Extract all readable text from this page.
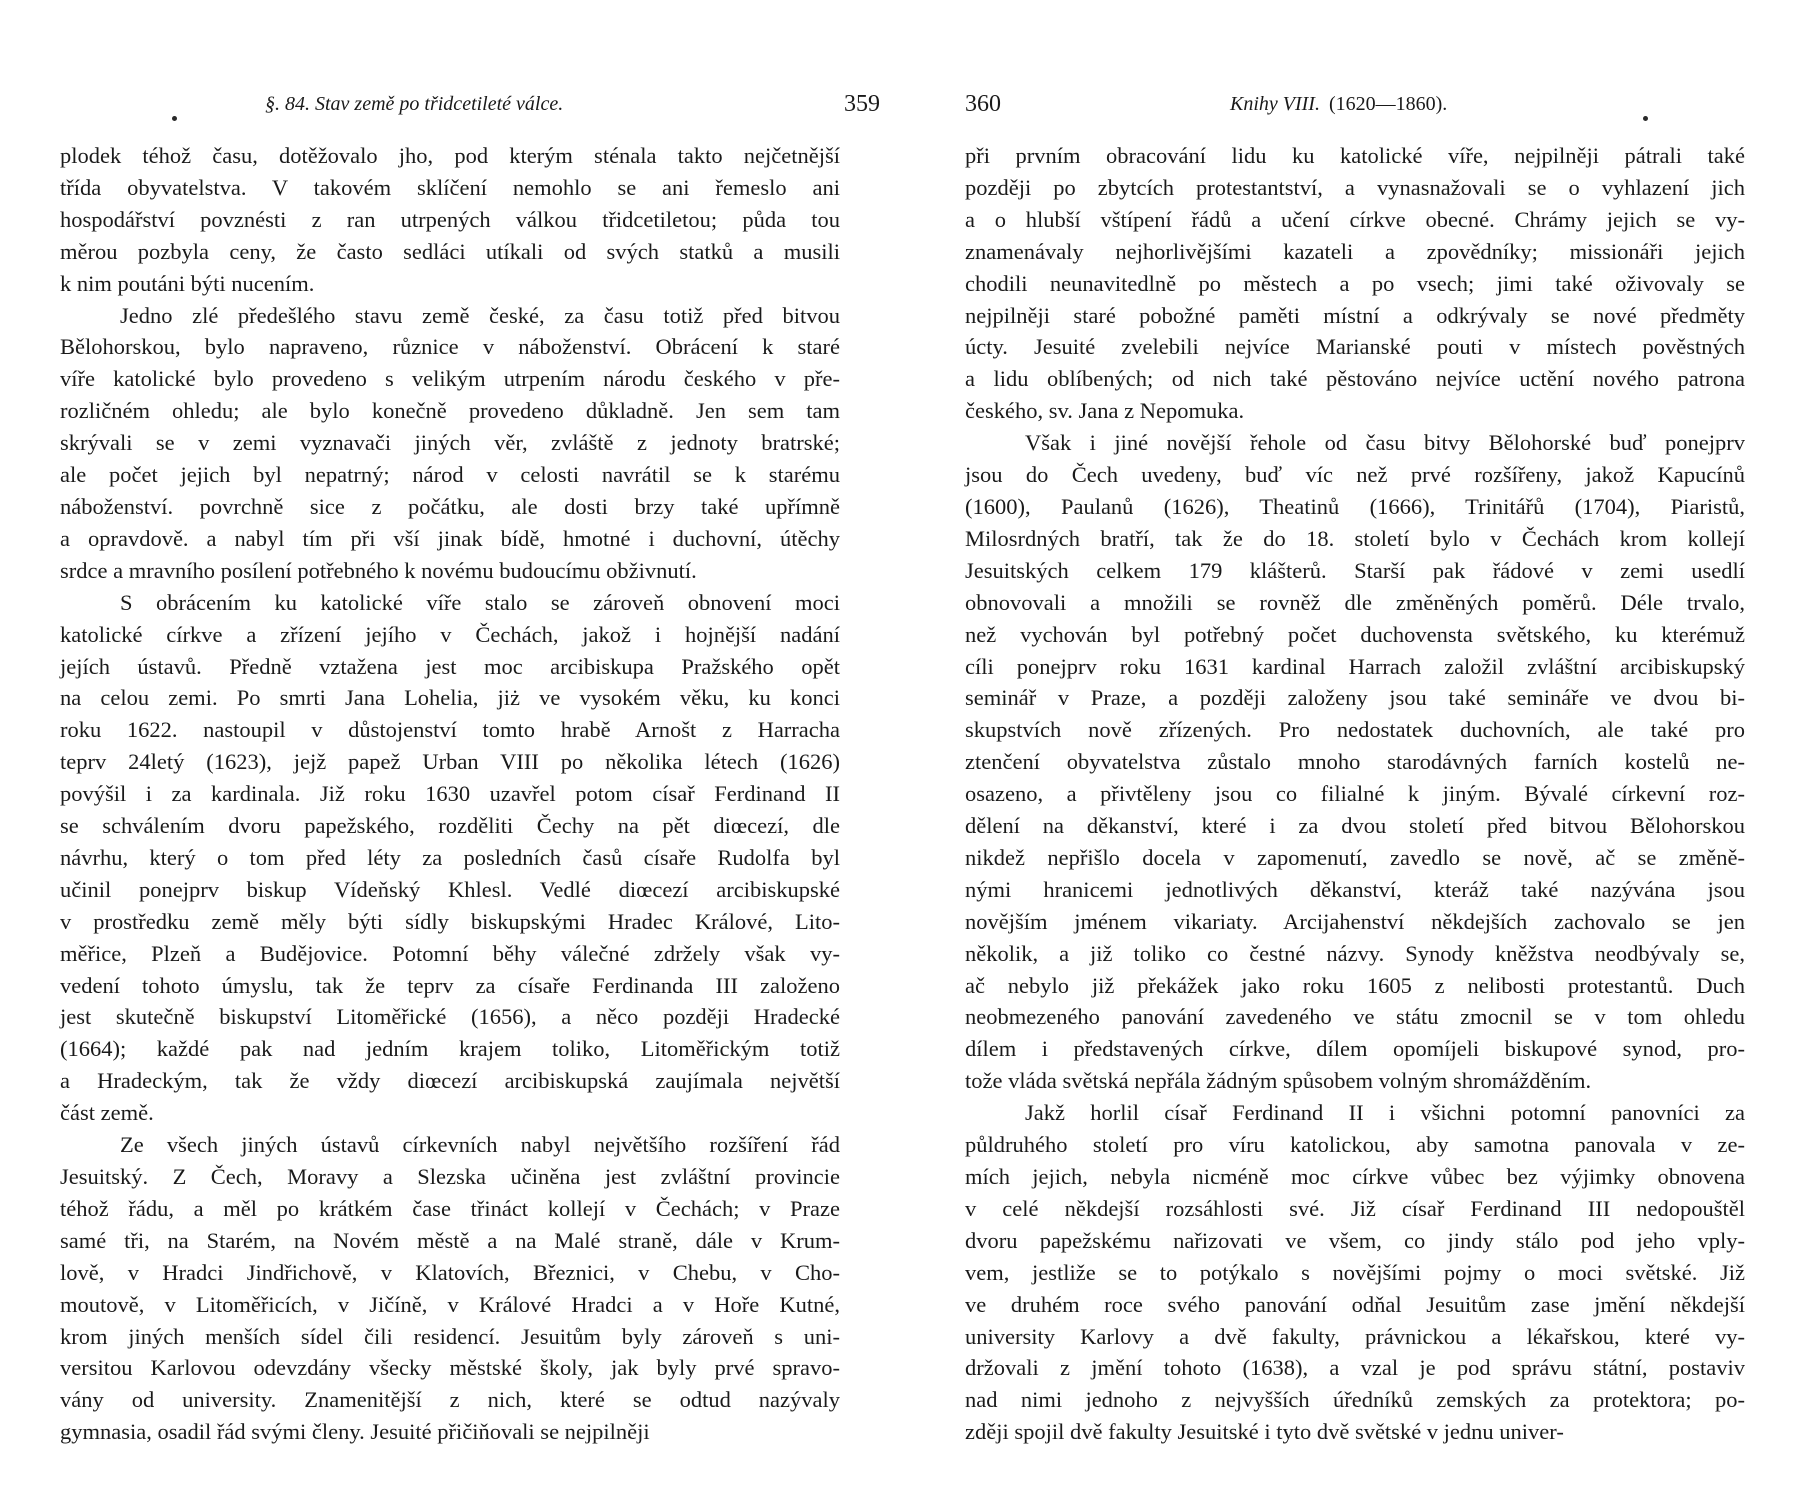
§. 84. Stav země po třidcetileté válce.	359
plodek téhož času, dotěžovalo jho, pod kterým sténala takto nejčetnější
třída obyvatelstva. V takovém sklíčení nemohlo se ani řemeslo ani
hospodářství povznésti z ran utrpených válkou třidcetiletou; půda tou
měrou pozbyla ceny, že často sedláci utíkali od svých statků a musili
k nim poutáni býti nucením.
Jedno zlé předešlého stavu země české, za času totiž před bitvou
Bělohorskou, bylo napraveno, různice v náboženství. Obrácení k staré
víře katolické bylo provedeno s velikým utrpením národu českého v pře-
rozličném ohledu; ale bylo konečně provedeno důkladně. Jen sem tam
skrývali se v zemi vyznavači jiných věr, zvláště z jednoty bratrské;
ale počet jejich byl nepatrný; národ v celosti navrátil se k starému
náboženství. povrchně sice z počátku, ale dosti brzy také upřímně
a opravdově. a nabyl tím při vší jinak bídě, hmotné i duchovní, útěchy
srdce a mravního posílení potřebného k novému budoucímu obživnutí.
S obrácením ku katolické víře stalo se zároveň obnovení moci
katolické církve a zřízení jejího v Čechách, jakož i hojnější nadání
jejích ústavů. Předně vztažena jest moc arcibiskupa Pražského opět
na celou zemi. Po smrti Jana Lohelia, jiż ve vysokém věku, ku konci
roku 1622. nastoupil v důstojenství tomto hrabě Arnošt z Harracha
teprv 24letý (1623), jejž papež Urban VIII po několika létech (1626)
povýšil i za kardinala. Již roku 1630 uzavřel potom císař Ferdinand II
se schválením dvoru papežského, rozděliti Čechy na pět diœcezí, dle
návrhu, který o tom před léty za posledních časů císaře Rudolfa byl
učinil ponejprv biskup Vídeňský Khlesl. Vedlé diœcezí arcibiskupské
v prostředku země měly býti sídly biskupskými Hradec Králové, Lito-
měřice, Plzeň a Budějovice. Potomní běhy válečné zdržely však vy-
vedení tohoto úmyslu, tak že teprv za císaře Ferdinanda III založeno
jest skutečně biskupství Litoměřické (1656), a něco později Hradecké
(1664); každé pak nad jedním krajem toliko, Litoměřickým totiž
a Hradeckým, tak že vždy diœcezí arcibiskupská zaujímala největší
část země.
Ze všech jiných ústavů církevních nabyl největšího rozšíření řád
Jesuitský. Z Čech, Moravy a Slezska učiněna jest zvláštní provincie
téhož řádu, a měl po krátkém čase třináct kollejí v Čechách; v Praze
samé tři, na Starém, na Novém městě a na Malé straně, dále v Krum-
lově, v Hradci Jindřichově, v Klatovích, Březnici, v Chebu, v Cho-
moutově, v Litoměřicích, v Jičíně, v Králové Hradci a v Hoře Kutné,
krom jiných menších sídel čili residencí. Jesuitům byly zároveň s uni-
versitou Karlovou odevzdány všecky městské školy, jak byly prvé spravo-
vány od university. Znamenitější z nich, které se odtud nazývaly
gymnasia, osadil řád svými členy. Jesuité přičiňovali se nejpilněji
360	Knihy VIII. (1620—1860).
při prvním obracování lidu ku katolické víře, nejpilněji pátrali také
později po zbytcích protestantství, a vynasnažovali se o vyhlazení jich
a o hlubší vštípení řádů a učení církve obecné. Chrámy jejich se vy-
znamenávaly nejhorlivějšími kazateli a zpovědníky; missionáři jejich
chodili neunavitedlně po městech a po vsech; jimi také oživovaly se
nejpilněji staré pobožné paměti místní a odkrývaly se nové předměty
úcty. Jesuité zvelebili nejvíce Marianské pouti v místech pověstných
a lidu oblíbených; od nich také pěstováno nejvíce uctění nového patrona
českého, sv. Jana z Nepomuka.
Však i jiné novější řehole od času bitvy Bělohorské buď ponejprv
jsou do Čech uvedeny, buď víc než prvé rozšířeny, jakož Kapucínů
(1600), Paulanů (1626), Theatinů (1666), Trinitářů (1704), Piaristů,
Milosrdných bratří, tak že do 18. století bylo v Čechách krom kollejí
Jesuitských celkem 179 klášterů. Starší pak řádové v zemi usedlí
obnovovali a množili se rovněž dle změněných poměrů. Déle trvalo,
než vychován byl potřebný počet duchovensta světského, ku kterémuž
cíli ponejprv roku 1631 kardinal Harrach založil zvláštní arcibiskupský
seminář v Praze, a později založeny jsou také semináře ve dvou bi-
skupstvích nově zřízených. Pro nedostatek duchovních, ale také pro
ztenčení obyvatelstva zůstalo mnoho starodávných farních kostelů ne-
osazeno, a přivtěleny jsou co filialné k jiným. Bývalé církevní roz-
dělení na děkanství, které i za dvou století před bitvou Bělohorskou
nikdež nepřišlo docela v zapomenutí, zavedlo se nově, ač se změně-
nými hranicemi jednotlivých děkanství, kteráž také nazývána jsou
novějším jménem vikariaty. Arcijahenství někdejších zachovalo se jen
několik, a již toliko co čestné názvy. Synody kněžstva neodbývaly se,
ač nebylo již překážek jako roku 1605 z nelibosti protestantů. Duch
neobmezeného panování zavedeného ve státu zmocnil se v tom ohledu
dílem i představených církve, dílem opomíjeli biskupové synod, pro-
tože vláda světská nepřála žádným spůsobem volným shromážděním.
Jakž horlil císař Ferdinand II i všichni potomní panovníci za
půldruhého století pro víru katolickou, aby samotna panovala v ze-
mích jejich, nebyla nicméně moc církve vůbec bez výjimky obnovena
v celé někdejší rozsáhlosti své. Již císař Ferdinand III nedopouštěl
dvoru papežskému nařizovati ve všem, co jindy stálo pod jeho vply-
vem, jestliže se to potýkalo s novějšími pojmy o moci světské. Již
ve druhém roce svého panování odňal Jesuitům zase jmění někdejší
university Karlovy a dvě fakulty, právnickou a lékařskou, které vy-
držovali z jmění tohoto (1638), a vzal je pod správu státní, postaviv
nad nimi jednoho z nejvyšších úředníků zemských za protektora; po-
zději spojil dvě fakulty Jesuitské i tyto dvě světské v jednu univer-
